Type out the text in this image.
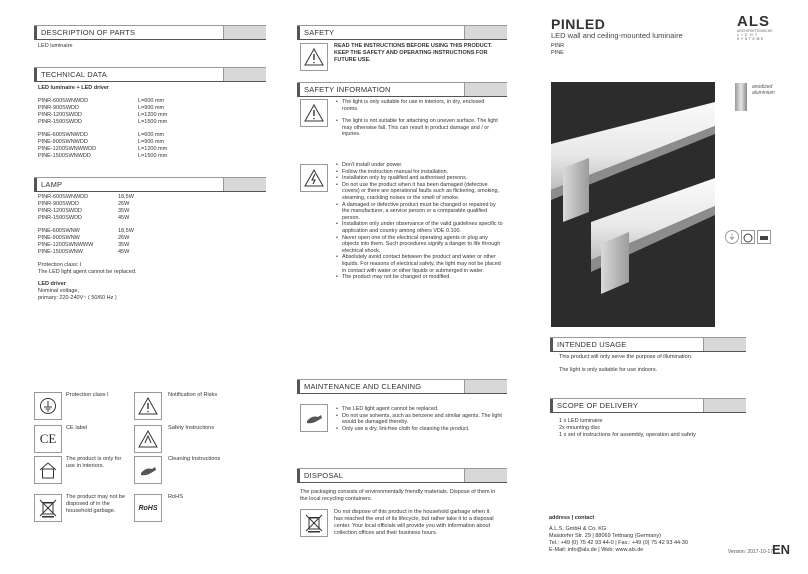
DESCRIPTION OF PARTS
LED luminaire
TECHNICAL DATA
LED luminaire + LED driver
PINR-600SWNWDD	L=600 mm
PINR-900SWDD	L=900 mm
PINR-1200SWDD	L=1200 mm
PINR-1500SWDD	L=1500 mm
PINE-600SWNWDD	L=600 mm
PINE-900SWNWDD	L=900 mm
PINE-1200SWNWWDD	L=1200 mm
PINE-1500SWNWDD	L=1500 mm
LAMP
PINR-600SWNWDD	18,5W
PINR-900SWDD	26W
PINR-1200SWDD	35W
PINR-1500SWDD	45W
PINE-600SWNW	18,5W
PINE-900SWNW	26W
PINE-1200SWNWWW	35W
PINE-1500SWNW	45W
Protection class: I
The LED light agent cannot be replaced.
LED driver
Nominal voltage,
primary: 220-240V~ ( 50/60 Hz )
Protection class I
CE
CE label
The product is only for use in interiors.
The product may not be disposed of in the household garbage.
Notification of Risks
Safety Instructions
Cleaning Instructions
RoHS
RoHS
SAFETY
READ THE INSTRUCTIONS BEFORE USING THIS PRODUCT. KEEP THE SAFETY AND OPERATING INSTRUCTIONS FOR FUTURE USE.
SAFETY INFORMATION
• The light is only suitable for use in interiors, in dry, enclosed rooms.
• The light is not suitable for attaching on uneven surface. The light may otherwise fall. This can result in product damage and / or injuries.
• Don't install under power.
• Follow the instruction manual for installation.
• Installation only by qualified and authorised persons.
• Do not use the product when it has been damaged (defective covers) or there are operational faults such as flickering, smoking, steaming, crackling noises or the smell of smoke.
• A damaged or defective product must be changed or repaired by the manufacturer, a service person or a comparable qualified person.
• Installation only under observance of the valid guidelines specific to application and country among others VDE 0.100.
• Never open one of the electrical operating agents or plug any objects into them. Such procedures signify a danger to life through electrical shock.
• Absolutely avoid contact between the product and water or other liquids. For reasons of electrical safety, the light may not be placed in contact with water or other liquids or submerged in water.
• The product may not be changed or modified.
MAINTENANCE AND CLEANING
• The LED light agent cannot be replaced.
• Do not use solvents, such as benzene and similar agents. The light would be damaged thereby.
• Only use a dry, lint-free cloth for cleaning the product.
DISPOSAL
The packaging consists of environmentally friendly materials. Dispose of them in the local recycling containers.
Do not dispose of this product in the household garbage when it has reached the end of its lifecycle, but rather take it to a disposal center. Your local officials will provide you with information about collection offices and their business hours.
PINLED
LED wall and ceiling-mounted luminaire
PINR
PINE
ALS
ARCHITEKTONISCHE
LICHT
SYSTEME
anodized
aluminium
⏚
INTENDED USAGE
This product will only serve the purpose of illumination.
The light is only suitable for use indoors.
SCOPE OF DELIVERY
1 x LED luminaire
2x mounting disc
1 x set of instructions for assembly, operation and safety
address | contact
A.L.S. GmbH & Co. KG
Maistorfer Str. 29 | 88069 Tettnang (Germany)
Tel.: +49 (0) 75 42 93 44-0 | Fax.: +49 (0) 75 42 93 44-30
E-Mail: info@als.de | Web: www.als.de	Version: 2017-10-17
EN
